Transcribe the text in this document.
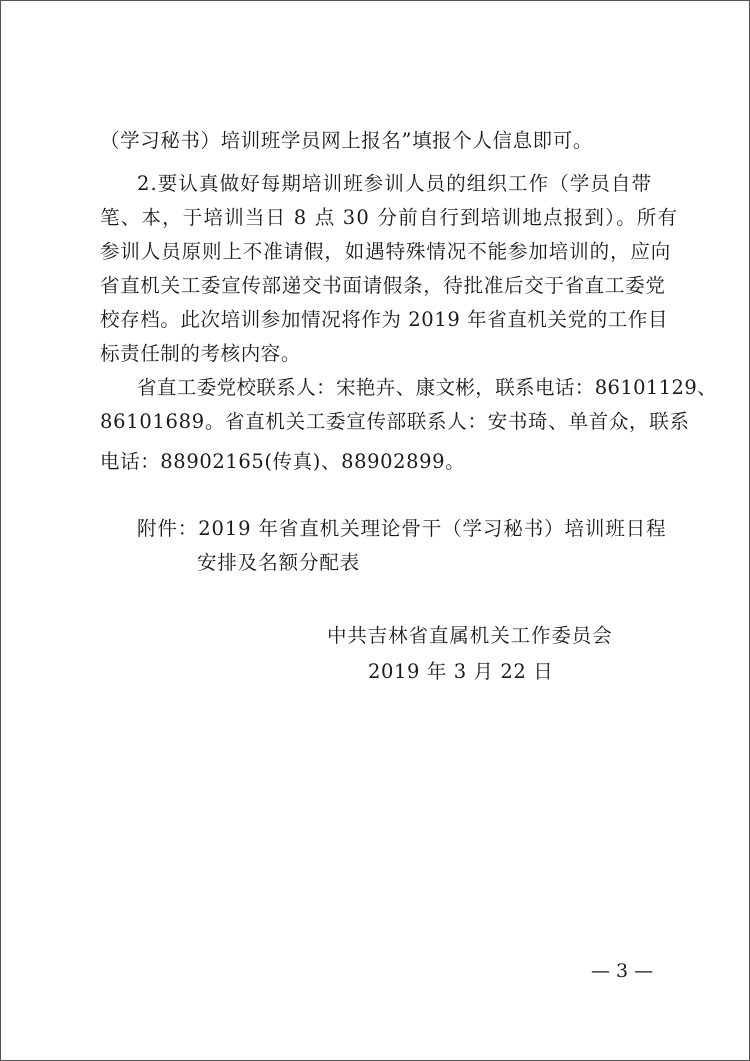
（学习秘书）培训班学员网上报名”填报个人信息即可。
2.要认真做好每期培训班参训人员的组织工作（学员自带
笔、本，于培训当日 8 点 30 分前自行到培训地点报到）。所有
参训人员原则上不准请假，如遇特殊情况不能参加培训的，应向
省直机关工委宣传部递交书面请假条，待批准后交于省直工委党
校存档。此次培训参加情况将作为 2019 年省直机关党的工作目
标责任制的考核内容。
省直工委党校联系人：宋艳卉、康文彬，联系电话：86101129、
86101689。省直机关工委宣传部联系人：安书琦、单首众，联系
电话：88902165(传真)、88902899。
附件：2019 年省直机关理论骨干（学习秘书）培训班日程
安排及名额分配表
中共吉林省直属机关工作委员会
2019 年 3 月 22 日
— 3 —
